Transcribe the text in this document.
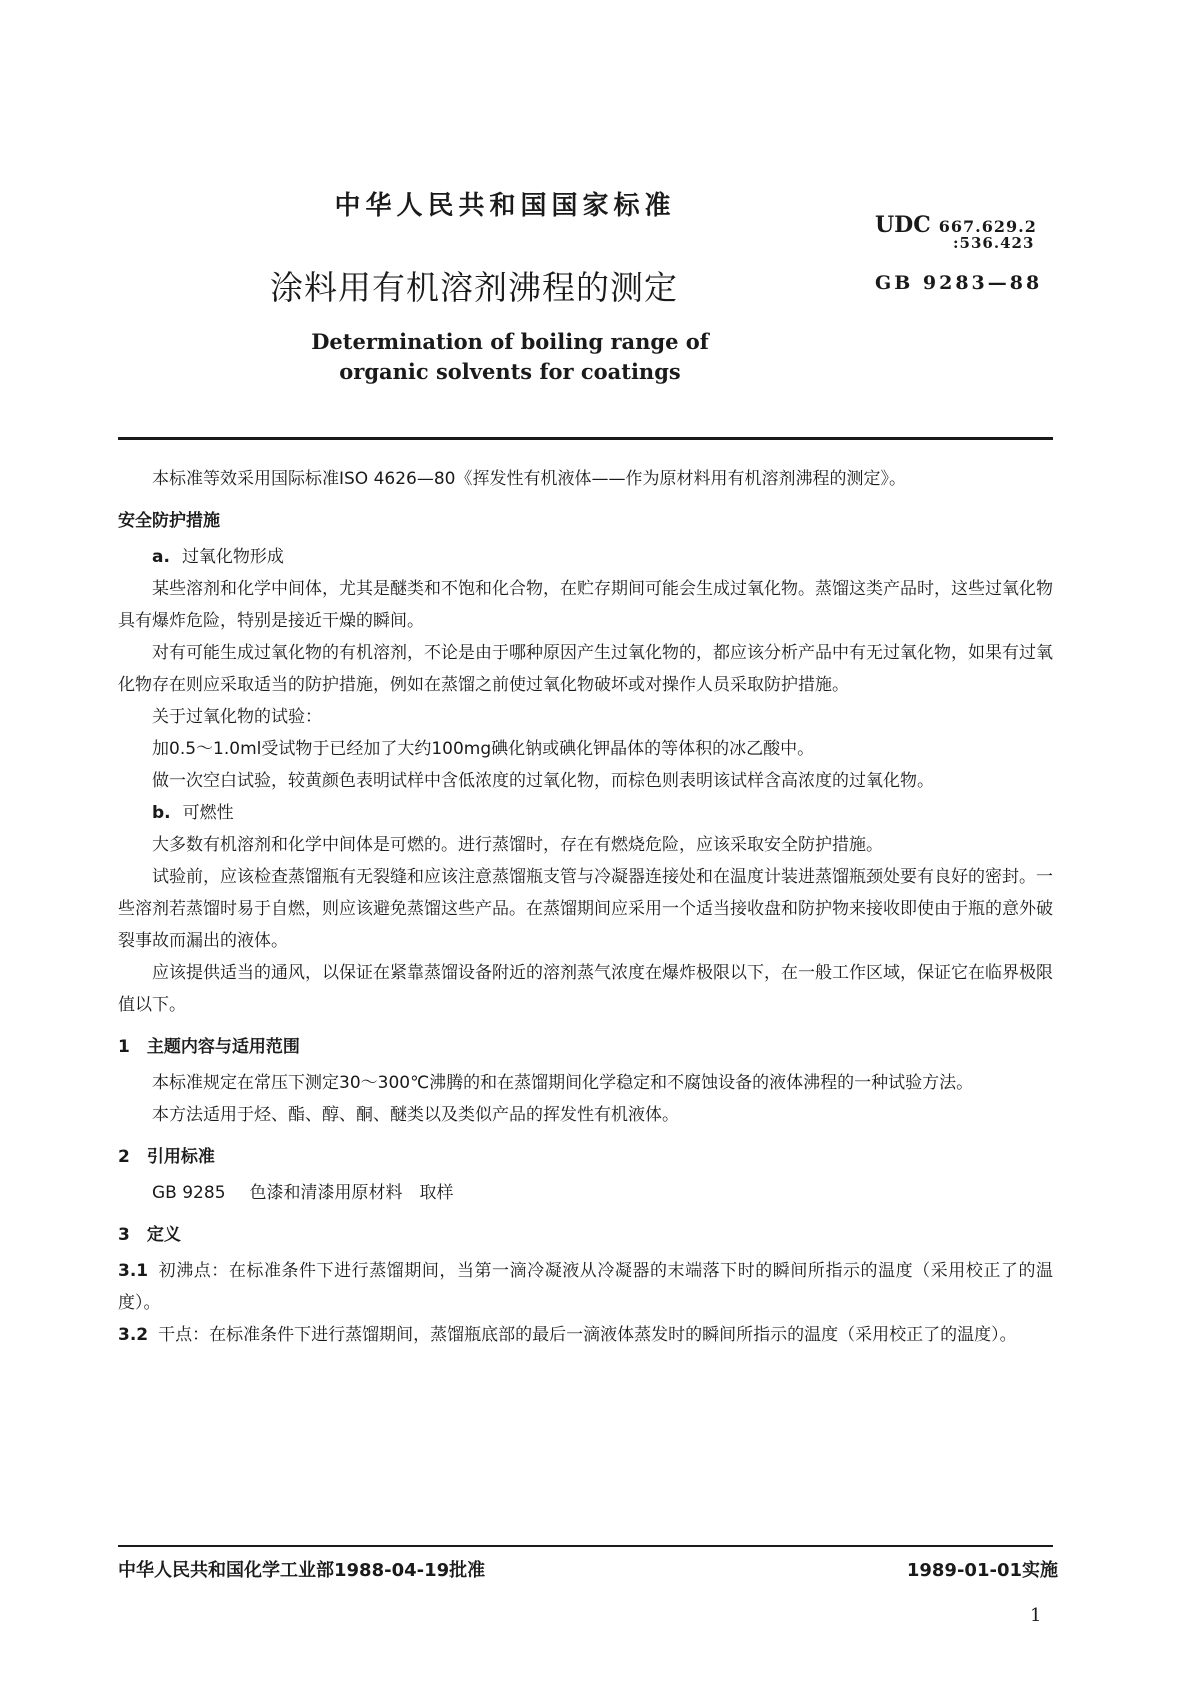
中华人民共和国国家标准
UDC 667.629.2
:536.423
GB 9283—88
涂料用有机溶剂沸程的测定
Determination of boiling range of
organic solvents for coatings

本标准等效采用国际标准ISO 4626—80《挥发性有机液体——作为原材料用有机溶剂沸程的测定》。

安全防护措施

a. 过氧化物形成

某些溶剂和化学中间体，尤其是醚类和不饱和化合物，在贮存期间可能会生成过氧化物。蒸馏这类产品时，这些过氧化物具有爆炸危险，特别是接近干燥的瞬间。

对有可能生成过氧化物的有机溶剂，不论是由于哪种原因产生过氧化物的，都应该分析产品中有无过氧化物，如果有过氧化物存在则应采取适当的防护措施，例如在蒸馏之前使过氧化物破坏或对操作人员采取防护措施。

关于过氧化物的试验：

加0.5～1.0ml受试物于已经加了大约100mg碘化钠或碘化钾晶体的等体积的冰乙酸中。

做一次空白试验，较黄颜色表明试样中含低浓度的过氧化物，而棕色则表明该试样含高浓度的过氧化物。

b. 可燃性

大多数有机溶剂和化学中间体是可燃的。进行蒸馏时，存在有燃烧危险，应该采取安全防护措施。

试验前，应该检查蒸馏瓶有无裂缝和应该注意蒸馏瓶支管与冷凝器连接处和在温度计装进蒸馏瓶颈处要有良好的密封。一些溶剂若蒸馏时易于自燃，则应该避免蒸馏这些产品。在蒸馏期间应采用一个适当接收盘和防护物来接收即使由于瓶的意外破裂事故而漏出的液体。

应该提供适当的通风，以保证在紧靠蒸馏设备附近的溶剂蒸气浓度在爆炸极限以下，在一般工作区域，保证它在临界极限值以下。

1　主题内容与适用范围

本标准规定在常压下测定30～300℃沸腾的和在蒸馏期间化学稳定和不腐蚀设备的液体沸程的一种试验方法。

本方法适用于烃、酯、醇、酮、醚类以及类似产品的挥发性有机液体。

2　引用标准

GB 9285 色漆和清漆用原材料　取样

3　定义

3.1 初沸点：在标准条件下进行蒸馏期间，当第一滴冷凝液从冷凝器的末端落下时的瞬间所指示的温度（采用校正了的温度）。

3.2 干点：在标准条件下进行蒸馏期间，蒸馏瓶底部的最后一滴液体蒸发时的瞬间所指示的温度（采用校正了的温度）。

中华人民共和国化学工业部1988-04-19批准	1989-01-01实施
1
